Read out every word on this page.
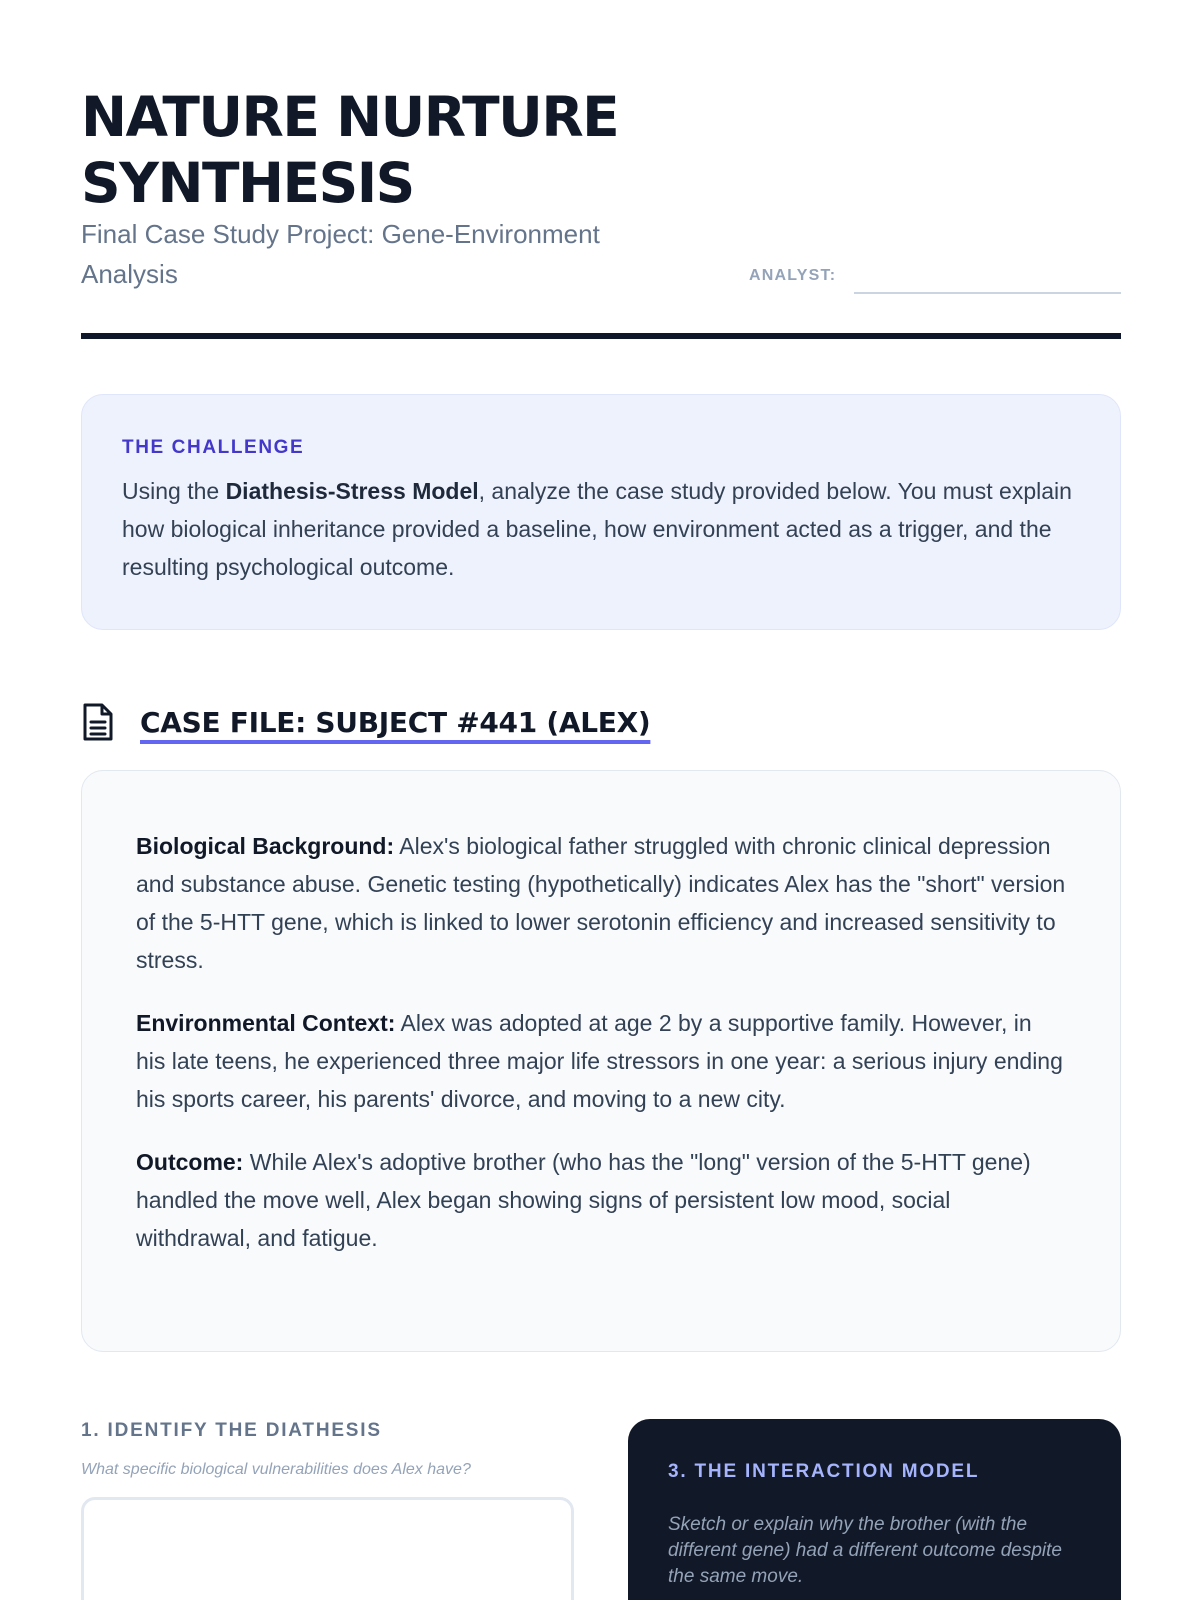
NATURE NURTURE SYNTHESIS
Final Case Study Project: Gene-Environment Analysis	ANALYST:
THE CHALLENGE

Using the Diathesis-Stress Model, analyze the case study provided below. You must explain how biological inheritance provided a baseline, how environment acted as a trigger, and the resulting psychological outcome.

CASE FILE: SUBJECT #441 (ALEX)

Biological Background: Alex's biological father struggled with chronic clinical depression and substance abuse. Genetic testing (hypothetically) indicates Alex has the "short" version of the 5-HTT gene, which is linked to lower serotonin efficiency and increased sensitivity to stress.

Environmental Context: Alex was adopted at age 2 by a supportive family. However, in his late teens, he experienced three major life stressors in one year: a serious injury ending his sports career, his parents' divorce, and moving to a new city.

Outcome: While Alex's adoptive brother (who has the "long" version of the 5-HTT gene) handled the move well, Alex began showing signs of persistent low mood, social withdrawal, and fatigue.

1. IDENTIFY THE DIATHESIS
What specific biological vulnerabilities does Alex have?	3. THE INTERACTION MODEL
Sketch or explain why the brother (with the different gene) had a different outcome despite the same move.
